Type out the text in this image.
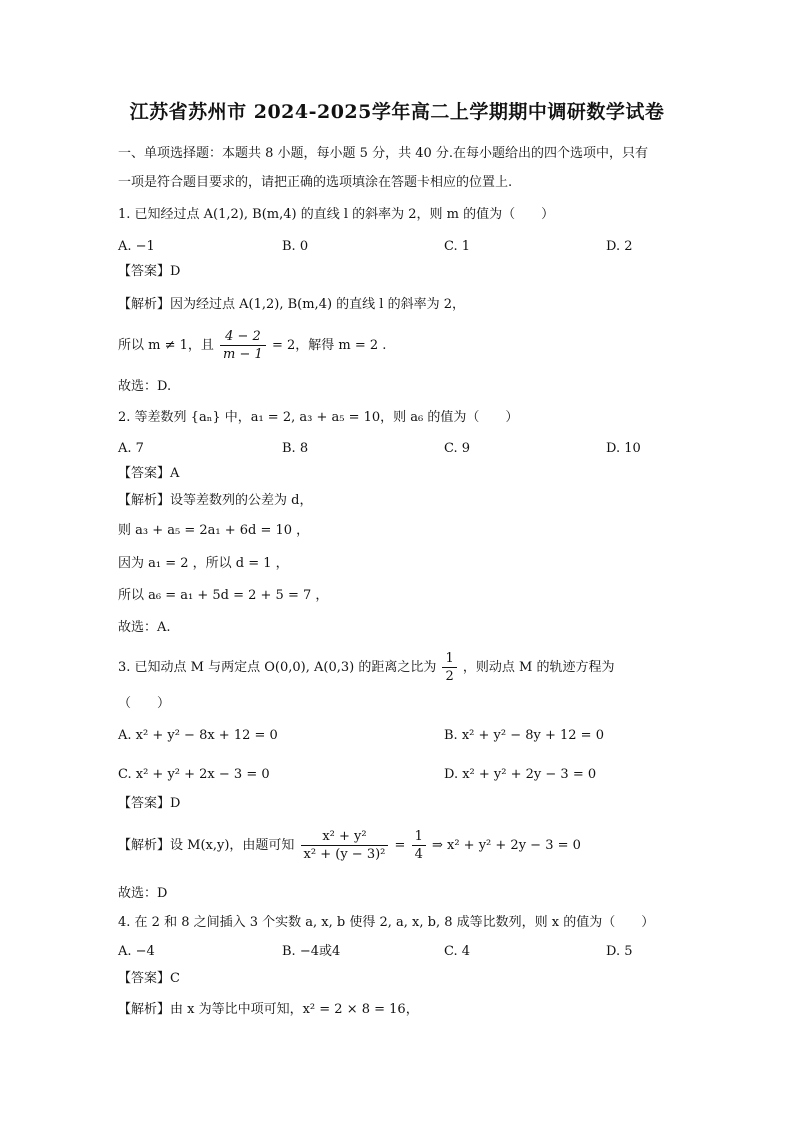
江苏省苏州市 2024-2025学年高二上学期期中调研数学试卷
一、单项选择题：本题共 8 小题，每小题 5 分，共 40 分.在每小题给出的四个选项中，只有
一项是符合题目要求的，请把正确的选项填涂在答题卡相应的位置上.
1. 已知经过点 A(1,2), B(m,4) 的直线 l 的斜率为 2，则 m 的值为（　　）
A. −1	B. 0	C. 1	D. 2
【答案】D
【解析】因为经过点 A(1,2), B(m,4) 的直线 l 的斜率为 2，
所以 m ≠ 1，且 $\frac{4 - 2}{m - 1} = 2$，解得 m = 2 .
故选：D.
2. 等差数列 {aₙ} 中，a₁ = 2, a₃ + a₅ = 10，则 a₆ 的值为（　　）
A. 7	B. 8	C. 9	D. 10
【答案】A
【解析】设等差数列的公差为 d，
则 a₃ + a₅ = 2a₁ + 6d = 10 ，
因为 a₁ = 2 ，所以 d = 1 ，
所以 a₆ = a₁ + 5d = 2 + 5 = 7 ，
故选：A.
3. 已知动点 M 与两定点 O(0,0), A(0,3) 的距离之比为 $\frac{1}{2}$ ，则动点 M 的轨迹方程为
（　　）
A. x² + y² − 8x + 12 = 0	B. x² + y² − 8y + 12 = 0
C. x² + y² + 2x − 3 = 0	D. x² + y² + 2y − 3 = 0
【答案】D
【解析】设 M(x,y)，由题可知 $\frac{\text{x² + y²}}{\text{x² + (y − 3)²}} = \frac{1}{4}$ ⇒ x² + y² + 2y − 3 = 0
故选：D
4. 在 2 和 8 之间插入 3 个实数 a, x, b 使得 2, a, x, b, 8 成等比数列，则 x 的值为（　　）
A. −4	B. −4或4	C. 4	D. 5
【答案】C
【解析】由 x 为等比中项可知，x² = 2 × 8 = 16，
